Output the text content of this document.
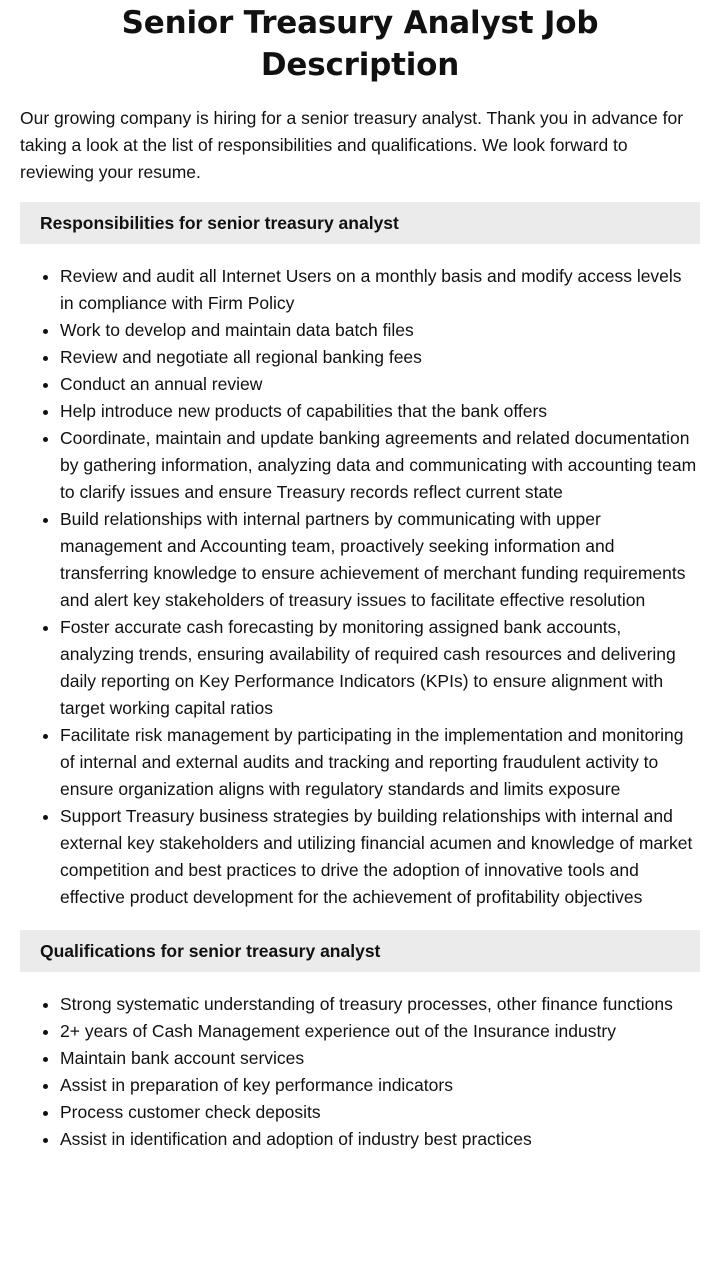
Senior Treasury Analyst Job Description
Our growing company is hiring for a senior treasury analyst. Thank you in advance for taking a look at the list of responsibilities and qualifications. We look forward to reviewing your resume.
Responsibilities for senior treasury analyst
• Review and audit all Internet Users on a monthly basis and modify access levels in compliance with Firm Policy
• Work to develop and maintain data batch files
• Review and negotiate all regional banking fees
• Conduct an annual review
• Help introduce new products of capabilities that the bank offers
• Coordinate, maintain and update banking agreements and related documentation by gathering information, analyzing data and communicating with accounting team to clarify issues and ensure Treasury records reflect current state
• Build relationships with internal partners by communicating with upper management and Accounting team, proactively seeking information and transferring knowledge to ensure achievement of merchant funding requirements and alert key stakeholders of treasury issues to facilitate effective resolution
• Foster accurate cash forecasting by monitoring assigned bank accounts, analyzing trends, ensuring availability of required cash resources and delivering daily reporting on Key Performance Indicators (KPIs) to ensure alignment with target working capital ratios
• Facilitate risk management by participating in the implementation and monitoring of internal and external audits and tracking and reporting fraudulent activity to ensure organization aligns with regulatory standards and limits exposure
• Support Treasury business strategies by building relationships with internal and external key stakeholders and utilizing financial acumen and knowledge of market competition and best practices to drive the adoption of innovative tools and effective product development for the achievement of profitability objectives
Qualifications for senior treasury analyst
• Strong systematic understanding of treasury processes, other finance functions
• 2+ years of Cash Management experience out of the Insurance industry
• Maintain bank account services
• Assist in preparation of key performance indicators
• Process customer check deposits
• Assist in identification and adoption of industry best practices
